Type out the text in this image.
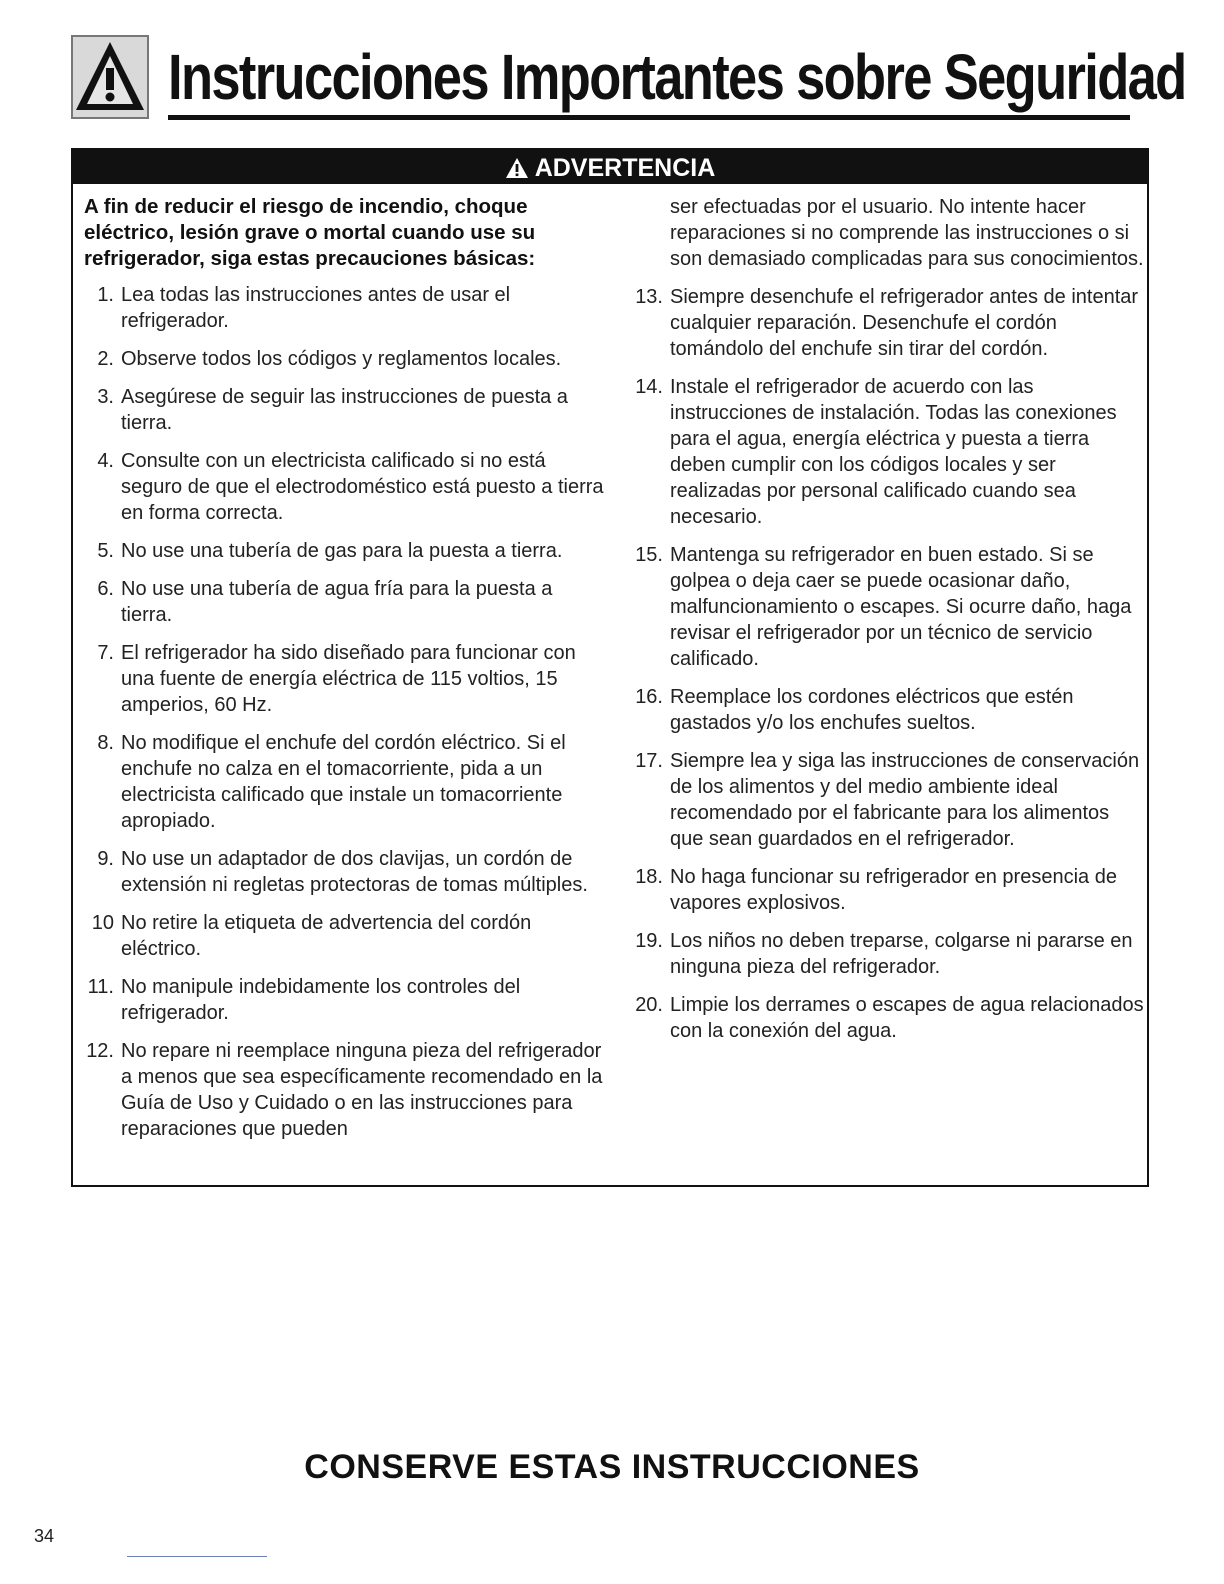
Instrucciones Importantes sobre Seguridad
ADVERTENCIA

A fin de reducir el riesgo de incendio, choque eléctrico, lesión grave o mortal cuando use su refrigerador, siga estas precauciones básicas:

1. Lea todas las instrucciones antes de usar el refrigerador.
2. Observe todos los códigos y reglamentos locales.
3. Asegúrese de seguir las instrucciones de puesta a tierra.
4. Consulte con un electricista calificado si no está seguro de que el electrodoméstico está puesto a tierra en forma correcta.
5. No use una tubería de gas para la puesta a tierra.
6. No use una tubería de agua fría para la puesta a tierra.
7. El refrigerador ha sido diseñado para funcionar con una fuente de energía eléctrica de 115 voltios, 15 amperios, 60 Hz.
8. No modifique el enchufe del cordón eléctrico. Si el enchufe no calza en el tomacorriente, pida a un electricista calificado que instale un tomacorriente apropiado.
9. No use un adaptador de dos clavijas, un cordón de extensión ni regletas protectoras de tomas múltiples.
10 No retire la etiqueta de advertencia del cordón eléctrico.
11. No manipule indebidamente los controles del refrigerador.
12. No repare ni reemplace ninguna pieza del refrigerador a menos que sea específicamente recomendado en la Guía de Uso y Cuidado o en las instrucciones para reparaciones que pueden

ser efectuadas por el usuario. No intente hacer reparaciones si no comprende las instrucciones o si son demasiado complicadas para sus conocimientos.

13. Siempre desenchufe el refrigerador antes de intentar cualquier reparación. Desenchufe el cordón tomándolo del enchufe sin tirar del cordón.
14. Instale el refrigerador de acuerdo con las instrucciones de instalación. Todas las conexiones para el agua, energía eléctrica y puesta a tierra deben cumplir con los códigos locales y ser realizadas por personal calificado cuando sea necesario.
15. Mantenga su refrigerador en buen estado. Si se golpea o deja caer se puede ocasionar daño, malfuncionamiento o escapes. Si ocurre daño, haga revisar el refrigerador por un técnico de servicio calificado.
16. Reemplace los cordones eléctricos que estén gastados y/o los enchufes sueltos.
17. Siempre lea y siga las instrucciones de conservación de los alimentos y del medio ambiente ideal recomendado por el fabricante para los alimentos que sean guardados en el refrigerador.
18. No haga funcionar su refrigerador en presencia de vapores explosivos.
19. Los niños no deben treparse, colgarse ni pararse en ninguna pieza del refrigerador.
20. Limpie los derrames o escapes de agua relacionados con la conexión del agua.

CONSERVE ESTAS INSTRUCCIONES

34
